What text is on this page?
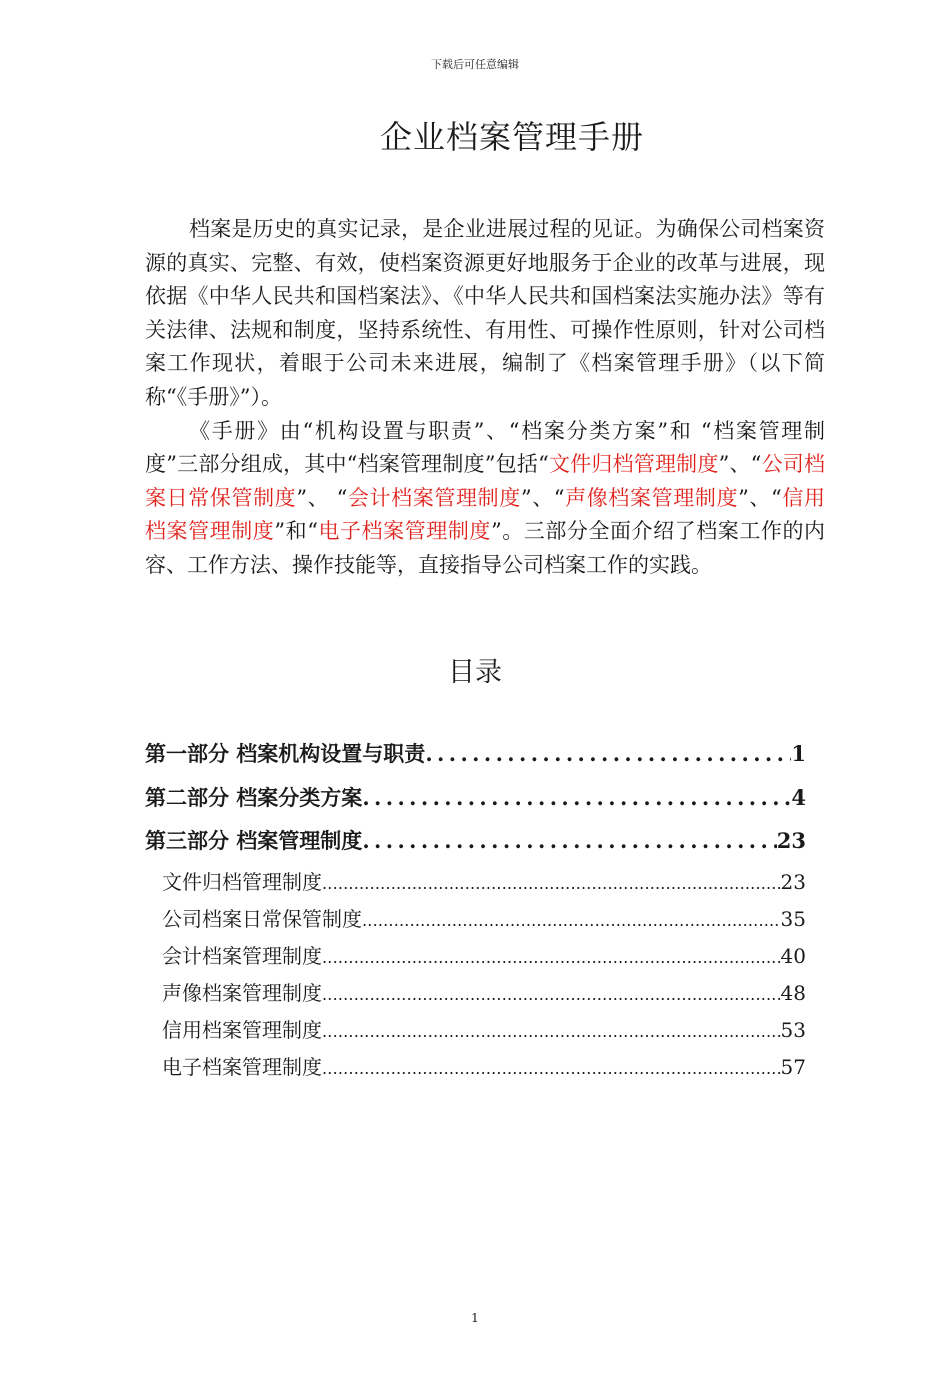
下载后可任意编辑
企业档案管理手册

档案是历史的真实记录，是企业进展过程的见证。为确保公司档案资源的真实、完整、有效，使档案资源更好地服务于企业的改革与进展，现依据《中华人民共和国档案法》、《中华人民共和国档案法实施办法》等有关法律、法规和制度，坚持系统性、有用性、可操作性原则，针对公司档案工作现状，着眼于公司未来进展，编制了《档案管理手册》（以下简称“《手册》”）。

《手册》由“机构设置与职责”、“档案分类方案”和 “档案管理制度”三部分组成，其中“档案管理制度”包括“文件归档管理制度”、“公司档案日常保管制度”、 “会计档案管理制度”、“声像档案管理制度”、“信用档案管理制度”和“电子档案管理制度”。三部分全面介绍了档案工作的内容、工作方法、操作技能等，直接指导公司档案工作的实践。

目录
第一部分 档案机构设置与职责 .....	1
第二部分 档案分类方案 .....	4
第三部分 档案管理制度 .....	23
文件归档管理制度 .....	23
公司档案日常保管制度 .....	35
会计档案管理制度 .....	40
声像档案管理制度 .....	48
信用档案管理制度 .....	53
电子档案管理制度 .....	57
1
